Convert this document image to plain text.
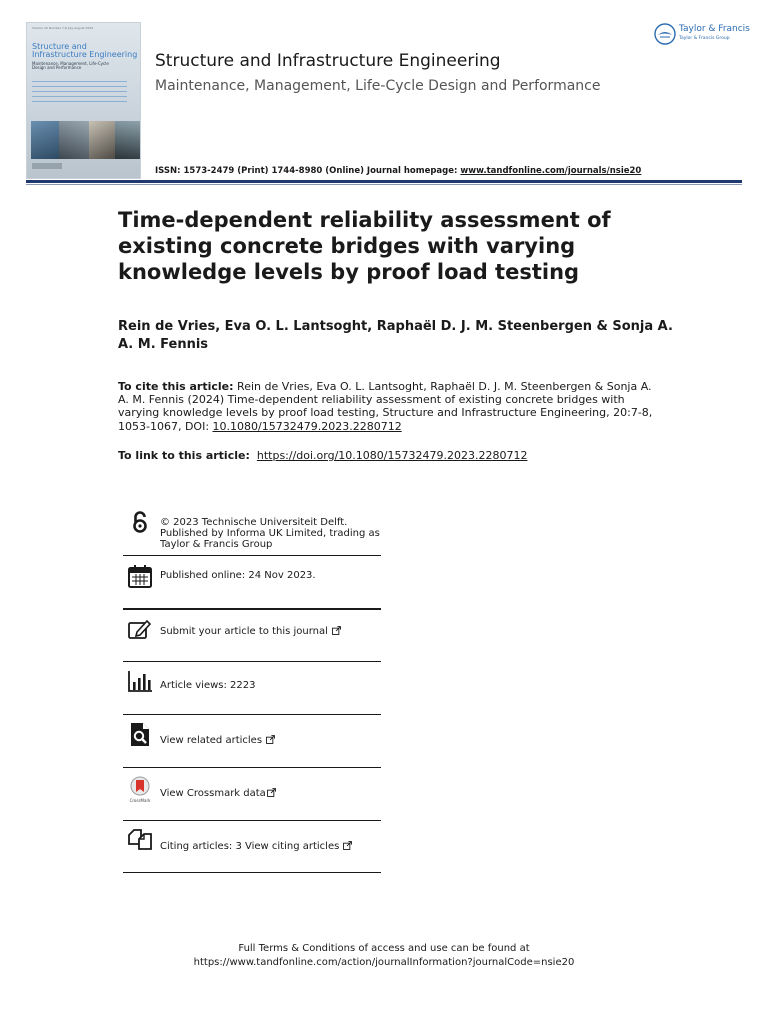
Volume 20 Number 7-8 July-August 2024
Structure and Infrastructure Engineering
Maintenance, Management, Life-Cycle Design and Performance	Structure and Infrastructure Engineering

Maintenance, Management, Life-Cycle Design and Performance

ISSN: 1573-2479 (Print) 1744-8980 (Online) Journal homepage: www.tandfonline.com/journals/nsie20
Taylor & Francis
Taylor & Francis Group
Time-dependent reliability assessment of existing concrete bridges with varying knowledge levels by proof load testing

Rein de Vries, Eva O. L. Lantsoght, Raphaël D. J. M. Steenbergen & Sonja A. A. M. Fennis

To cite this article: Rein de Vries, Eva O. L. Lantsoght, Raphaël D. J. M. Steenbergen & Sonja A. A. M. Fennis (2024) Time-dependent reliability assessment of existing concrete bridges with varying knowledge levels by proof load testing, Structure and Infrastructure Engineering, 20:7-8, 1053-1067, DOI: 10.1080/15732479.2023.2280712

To link to this article: https://doi.org/10.1080/15732479.2023.2280712

© 2023 Technische Universiteit Delft. Published by Informa UK Limited, trading as Taylor & Francis Group
Published online: 24 Nov 2023.
Submit your article to this journal
Article views: 2223
View related articles
CrossMark
View Crossmark data
Citing articles: 3 View citing articles
Full Terms & Conditions of access and use can be found at
https://www.tandfonline.com/action/journalInformation?journalCode=nsie20
